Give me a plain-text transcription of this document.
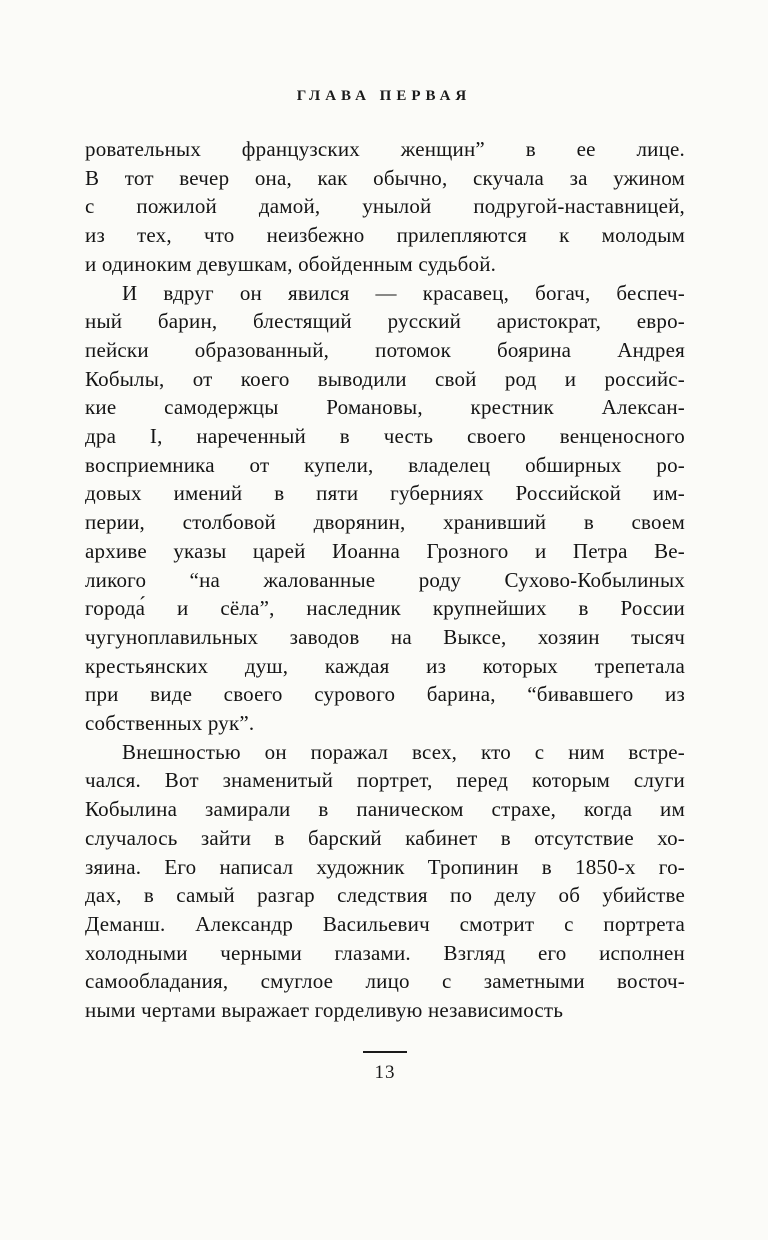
ГЛАВА ПЕРВАЯ
ровательных французских женщин” в ее лице.
В тот вечер она, как обычно, скучала за ужином
с пожилой дамой, унылой подругой-наставницей,
из тех, что неизбежно прилепляются к молодым
и одиноким девушкам, обойденным судьбой.
И вдруг он явился — красавец, богач, беспеч-
ный барин, блестящий русский аристократ, евро-
пейски образованный, потомок боярина Андрея
Кобылы, от коего выводили свой род и российс-
кие самодержцы Романовы, крестник Алексан-
дра I, нареченный в честь своего венценосного
восприемника от купели, владелец обширных ро-
довых имений в пяти губерниях Российской им-
перии, столбовой дворянин, хранивший в своем
архиве указы царей Иоанна Грозного и Петра Ве-
ликого “на жалованные роду Сухово-Кобылиных
города́ и сёла”, наследник крупнейших в России
чугуноплавильных заводов на Выксе, хозяин тысяч
крестьянских душ, каждая из которых трепетала
при виде своего сурового барина, “бивавшего из
собственных рук”.
Внешностью он поражал всех, кто с ним встре-
чался. Вот знаменитый портрет, перед которым слуги
Кобылина замирали в паническом страхе, когда им
случалось зайти в барский кабинет в отсутствие хо-
зяина. Его написал художник Тропинин в 1850-х го-
дах, в самый разгар следствия по делу об убийстве
Деманш. Александр Васильевич смотрит с портрета
холодными черными глазами. Взгляд его исполнен
самообладания, смуглое лицо с заметными восточ-
ными чертами выражает горделивую независимость
13
